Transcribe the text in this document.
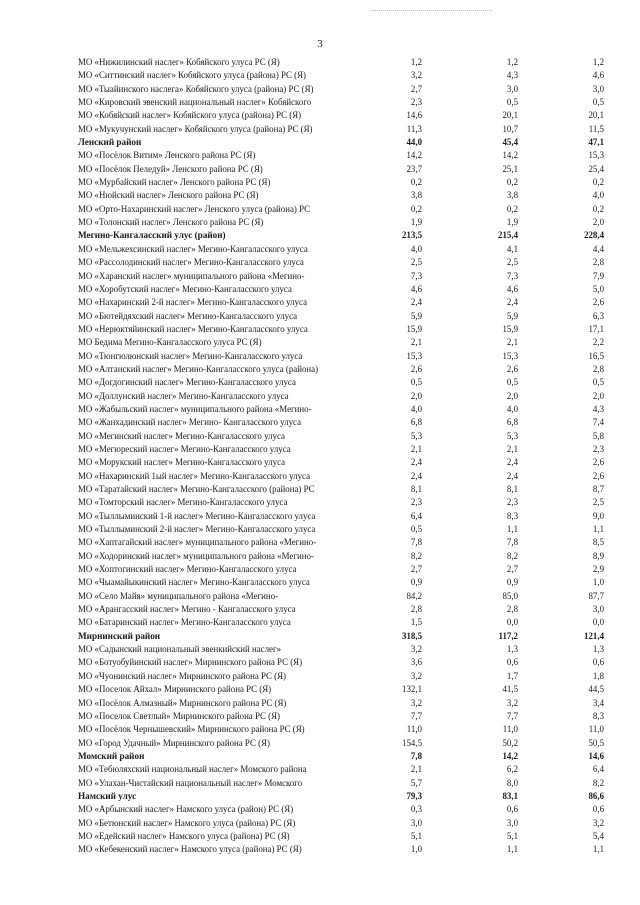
3
МО «Нижилинский наслег» Кобяйского улуса РС (Я)	1,2	1,2	1,2
МО «Ситтинский наслег» Кобяйского улуса (района) РС (Я)	3,2	4,3	4,6
МО «Тыайинского наслега» Кобяйского улуса (района) РС (Я)	2,7	3,0	3,0
МО «Кировский эвенский национальный наслег» Кобяйского	2,3	0,5	0,5
МО «Кобяйский наслег» Кобяйского улуса (района) РС (Я)	14,6	20,1	20,1
МО «Мукучунский наслег» Кобяйского улуса (района) РС (Я)	11,3	10,7	11,5
Ленский район	44,0	45,4	47,1
МО «Посёлок Витим» Ленского района РС (Я)	14,2	14,2	15,3
МО «Посёлок Пеледуй» Ленского района РС (Я)	23,7	25,1	25,4
МО «Мурбайский наслег» Ленского района РС (Я)	0,2	0,2	0,2
МО «Нюйский наслег» Ленского района РС (Я)	3,8	3,8	4,0
МО «Орто-Нахаринский наслег» Ленского улуса (района) РС	0,2	0,2	0,2
МО «Толонский наслег» Ленского района РС (Я)	1,9	1,9	2,0
Мегино-Кангаласский улус (район)	213,5	215,4	228,4
МО «Мельжехсинский наслег» Мегино-Кангаласского улуса	4,0	4,1	4,4
МО «Рассолодинский наслег» Мегино-Кангаласского улуса	2,5	2,5	2,8
МО «Харанский наслег» муниципального района «Мегино-	7,3	7,3	7,9
МО «Хоробутский наслег» Мегино-Кангаласского улуса	4,6	4,6	5,0
МО «Нахаринский 2-й наслег» Мегино-Кангаласского улуса	2,4	2,4	2,6
МО «Бютейдяхский наслег» Мегино-Кангаласского улуса	5,9	5,9	6,3
МО «Нерюктяйинский наслег» Мегино-Кангаласского улуса	15,9	15,9	17,1
МО Бедима Мегино-Кангаласского улуса РС (Я)	2,1	2,1	2,2
МО «Тюнгюлюнский наслег» Мегино-Кангаласского улуса	15,3	15,3	16,5
МО «Алтанский наслег» Мегино-Кангаласского улуса (района)	2,6	2,6	2,8
МО «Догдогинский наслег» Мегино-Кангаласского улуса	0,5	0,5	0,5
МО «Доллунский наслег» Мегино-Кангаласского улуса	2,0	2,0	2,0
МО «Жабыльский наслег» муниципального района «Мегино-	4,0	4,0	4,3
МО «Жанхадинский наслег» Мегино- Кангаласского улуса	6,8	6,8	7,4
МО «Мегинский наслег» Мегино-Кангаласского улуса	5,3	5,3	5,8
МО «Мегюреский наслег» Мегино-Кангаласского улуса	2,1	2,1	2,3
МО «Морукский наслег» Мегино-Кангаласского улуса	2,4	2,4	2,6
МО «Нахаринский 1ый наслег» Мегино-Кангаласского улуса	2,4	2,4	2,6
МО «Таратайский наслег» Мегино-Кангаласского (района) РС	8,1	8,1	8,7
МО «Томторский наслег» Мегино-Кангаласского улуса	2,3	2,3	2,5
МО «Тыллыминский 1-й наслег» Мегино-Кангаласского улуса	6,4	8,3	9,0
МО «Тыллыминский 2-й наслег» Мегино-Кангаласского улуса	0,5	1,1	1,1
МО «Хаптагайский наслег» муниципального района «Мегино-	7,8	7,8	8,5
МО «Ходоринский наслег» муниципального района «Мегино-	8,2	8,2	8,9
МО «Хоптогинский наслег» Мегино-Кангаласского улуса	2,7	2,7	2,9
МО «Чыамайыкинский наслег» Мегино-Кангаласского улуса	0,9	0,9	1,0
МО «Село Майя» муниципального района «Мегино-	84,2	85,0	87,7
МО «Арангасский наслег» Мегино - Кангаласского улуса	2,8	2,8	3,0
МО «Батаринский наслег» Мегино-Кангаласского улуса	1,5	0,0	0,0
Мирнинский район	318,5	117,2	121,4
МО «Садынский национальный эвенкийский наслег»	3,2	1,3	1,3
МО «Ботуобуйинский наслег» Мирнинского района РС (Я)	3,6	0,6	0,6
МО «Чуонинский наслег» Мирнинского района РС (Я)	3,2	1,7	1,8
МО «Поселок Айхал» Мирнинского района РС (Я)	132,1	41,5	44,5
МО «Посёлок Алмазный» Мирнинского района РС (Я)	3,2	3,2	3,4
МО «Поселок Светлый» Мирнинского района РС (Я)	7,7	7,7	8,3
МО «Посёлок Чернышевский» Мирнинского района РС (Я)	11,0	11,0	11,0
МО «Город Удачный» Мирнинского района РС (Я)	154,5	50,2	50,5
Момский район	7,8	14,2	14,6
МО «Тебюляхский национальный наслег» Момского района	2,1	6,2	6,4
МО «Улахан-Чистайский национальный наслег» Момского	5,7	8,0	8,2
Намский улус	79,3	83,1	86,6
МО «Арбынский наслег» Намского улуса (район) РС (Я)	0,3	0,6	0,6
МО «Бетюнский наслег» Намского улуса (района) РС (Я)	3,0	3,0	3,2
МО «Едейский наслег» Намского улуса (района) РС (Я)	5,1	5,1	5,4
МО «Кебекенский наслег» Намского улуса (района) РС (Я)	1,0	1,1	1,1
